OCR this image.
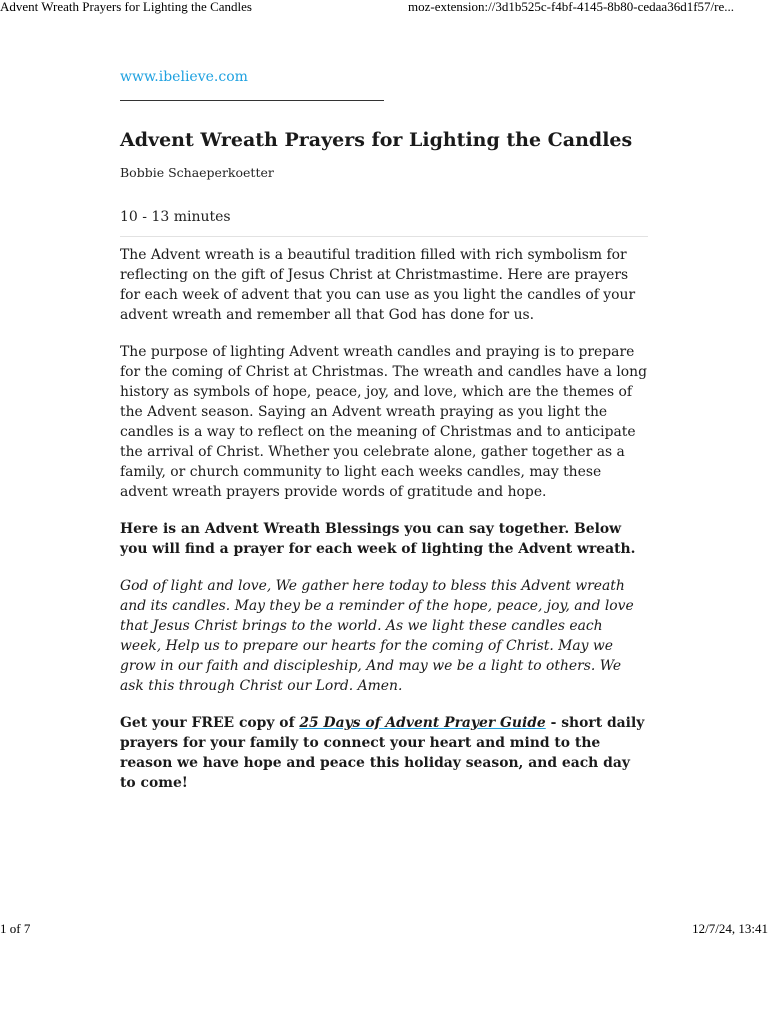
Advent Wreath Prayers for Lighting the Candles	moz-extension://3d1b525c-f4bf-4145-8b80-cedaa36d1f57/re...
www.ibelieve.com
Advent Wreath Prayers for Lighting the Candles
Bobbie Schaeperkoetter
10 - 13 minutes

The Advent wreath is a beautiful tradition filled with rich symbolism for reflecting on the gift of Jesus Christ at Christmastime. Here are prayers for each week of advent that you can use as you light the candles of your advent wreath and remember all that God has done for us.

The purpose of lighting Advent wreath candles and praying is to prepare for the coming of Christ at Christmas. The wreath and candles have a long history as symbols of hope, peace, joy, and love, which are the themes of the Advent season. Saying an Advent wreath praying as you light the candles is a way to reflect on the meaning of Christmas and to anticipate the arrival of Christ. Whether you celebrate alone, gather together as a family, or church community to light each weeks candles, may these advent wreath prayers provide words of gratitude and hope.

Here is an Advent Wreath Blessings you can say together. Below you will find a prayer for each week of lighting the Advent wreath.

God of light and love, We gather here today to bless this Advent wreath and its candles. May they be a reminder of the hope, peace, joy, and love that Jesus Christ brings to the world. As we light these candles each week, Help us to prepare our hearts for the coming of Christ. May we grow in our faith and discipleship, And may we be a light to others. We ask this through Christ our Lord. Amen.

Get your FREE copy of 25 Days of Advent Prayer Guide - short daily prayers for your family to connect your heart and mind to the reason we have hope and peace this holiday season, and each day to come!

1 of 7	12/7/24, 13:41
